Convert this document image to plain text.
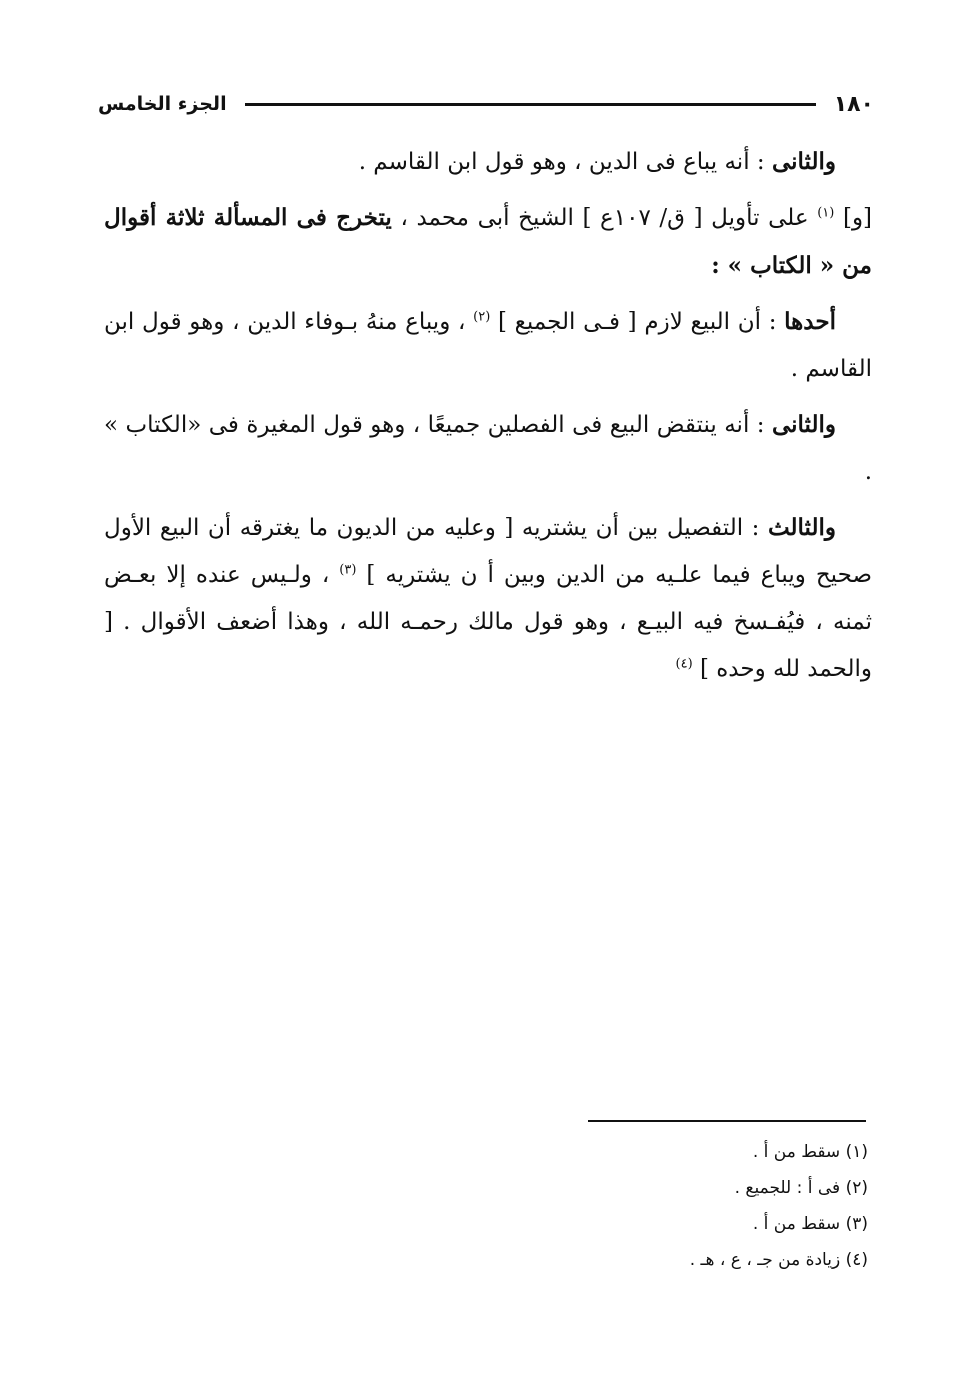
١٨٠
الجزء الخامس

والثانى : أنه يباع فى الدين ، وهو قول ابن القاسم .

[و] $^{(١)}$ على تأويل [ ق/ ١٠٧ع ] الشيخ أبى محمد ، يتخرج فى المسألة ثلاثة أقوال من « الكتاب » :

أحدها : أن البيع لازم [ فـى الجميع ] $^{(٢)}$ ، ويباع منهُ بـوفاء الدين ، وهو قول ابن القاسم .

والثانى : أنه ينتقض البيع فى الفصلين جميعًا ، وهو قول المغيرة فى «الكتاب » .

والثالث : التفصيل بين أن يشتريه [ وعليه من الديون ما يغترقه أن البيع الأول صحيح ويباع فيما علـيه من الدين وبين أ ن يشتريه ] $^{(٣)}$ ، ولـيس عنده إلا بعـض ثمنه ، فيُفـسخ فيه البيـع ، وهو قول مالك رحمـه الله ، وهذا أضعف الأقوال . [ والحمد لله وحده ] $^{(٤)}$

(١) سقط من أ .

(٢) فى أ : للجميع .

(٣) سقط من أ .

(٤) زيادة من جـ ، ع ، هـ .
